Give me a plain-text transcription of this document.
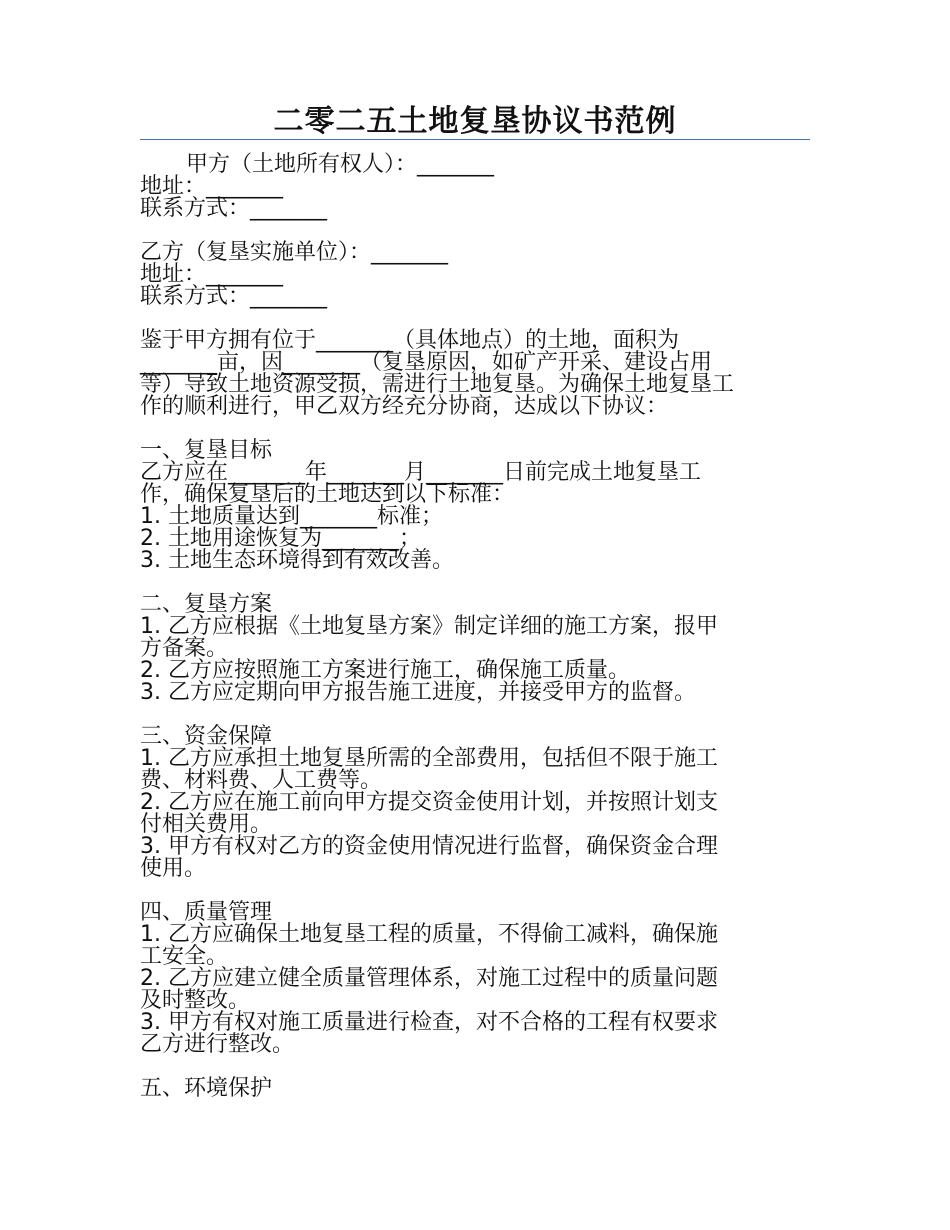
二零二五土地复垦协议书范例
甲方（土地所有权人）：_______
地址：_______
联系方式：_______
乙方（复垦实施单位）：_______
地址：_______
联系方式：_______
鉴于甲方拥有位于_______（具体地点）的土地，面积为
_______亩，因_______（复垦原因，如矿产开采、建设占用
等）导致土地资源受损，需进行土地复垦。为确保土地复垦工
作的顺利进行，甲乙双方经充分协商，达成以下协议：
一、复垦目标
乙方应在_______年_______月_______日前完成土地复垦工
作，确保复垦后的土地达到以下标准：
1. 土地质量达到_______标准；
2. 土地用途恢复为_______；
3. 土地生态环境得到有效改善。
二、复垦方案
1. 乙方应根据《土地复垦方案》制定详细的施工方案，报甲
方备案。
2. 乙方应按照施工方案进行施工，确保施工质量。
3. 乙方应定期向甲方报告施工进度，并接受甲方的监督。
三、资金保障
1. 乙方应承担土地复垦所需的全部费用，包括但不限于施工
费、材料费、人工费等。
2. 乙方应在施工前向甲方提交资金使用计划，并按照计划支
付相关费用。
3. 甲方有权对乙方的资金使用情况进行监督，确保资金合理
使用。
四、质量管理
1. 乙方应确保土地复垦工程的质量，不得偷工减料，确保施
工安全。
2. 乙方应建立健全质量管理体系，对施工过程中的质量问题
及时整改。
3. 甲方有权对施工质量进行检查，对不合格的工程有权要求
乙方进行整改。
五、环境保护
